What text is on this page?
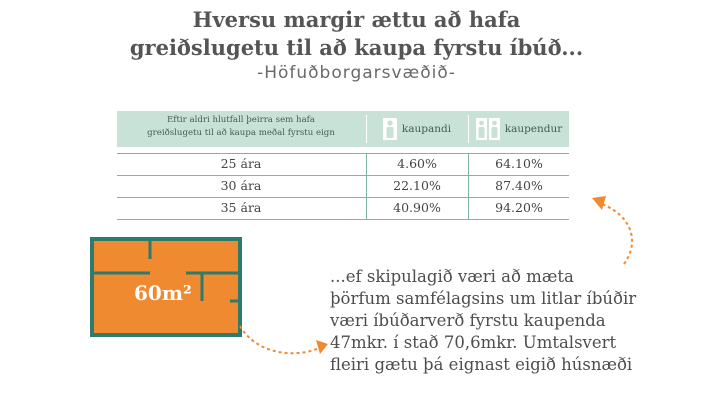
Hversu margir ættu að hafa
greiðslugetu til að kaupa fyrstu íbúð...
-Höfuðborgarsvæðið-
Eftir aldri hlutfall þeirra sem hafa
greiðslugetu til að kaupa meðal fyrstu eign	kaupandi	kaupendur
25 ára	4.60%	64.10%
30 ára	22.10%	87.40%
35 ára	40.90%	94.20%
60m²
...ef skipulagið væri að mæta
þörfum samfélagsins um litlar íbúðir
væri íbúðarverð fyrstu kaupenda
47mkr. í stað 70,6mkr. Umtalsvert
fleiri gætu þá eignast eigið húsnæði
